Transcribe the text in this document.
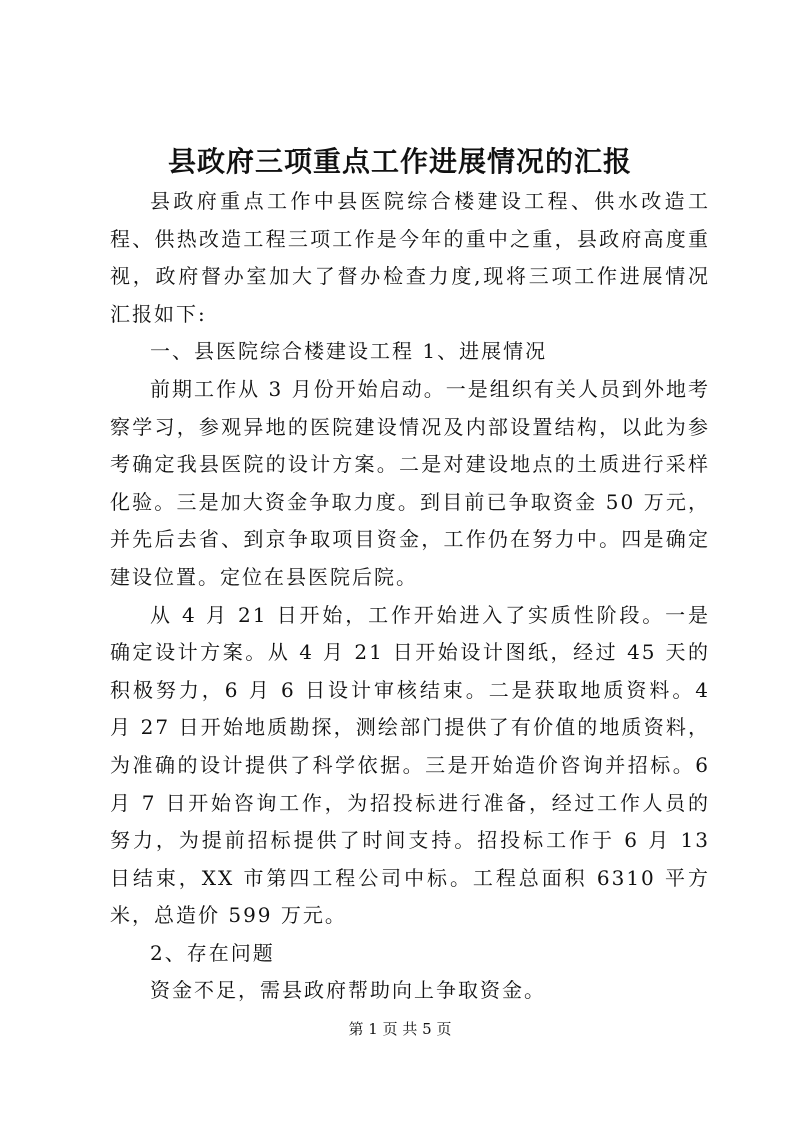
县政府三项重点工作进展情况的汇报

县政府重点工作中县医院综合楼建设工程、供水改造工程、供热改造工程三项工作是今年的重中之重，县政府高度重视，政府督办室加大了督办检查力度,现将三项工作进展情况汇报如下:

一、县医院综合楼建设工程 1、进展情况

前期工作从 3 月份开始启动。一是组织有关人员到外地考察学习，参观异地的医院建设情况及内部设置结构，以此为参考确定我县医院的设计方案。二是对建设地点的土质进行采样化验。三是加大资金争取力度。到目前已争取资金 50 万元，并先后去省、到京争取项目资金，工作仍在努力中。四是确定建设位置。定位在县医院后院。

从 4 月 21 日开始，工作开始进入了实质性阶段。一是确定设计方案。从 4 月 21 日开始设计图纸，经过 45 天的积极努力，6 月 6 日设计审核结束。二是获取地质资料。4 月 27 日开始地质勘探，测绘部门提供了有价值的地质资料，为准确的设计提供了科学依据。三是开始造价咨询并招标。6 月 7 日开始咨询工作，为招投标进行准备，经过工作人员的努力，为提前招标提供了时间支持。招投标工作于 6 月 13 日结束，XX 市第四工程公司中标。工程总面积 6310 平方米，总造价 599 万元。

2、存在问题

资金不足，需县政府帮助向上争取资金。

第 1 页 共 5 页
